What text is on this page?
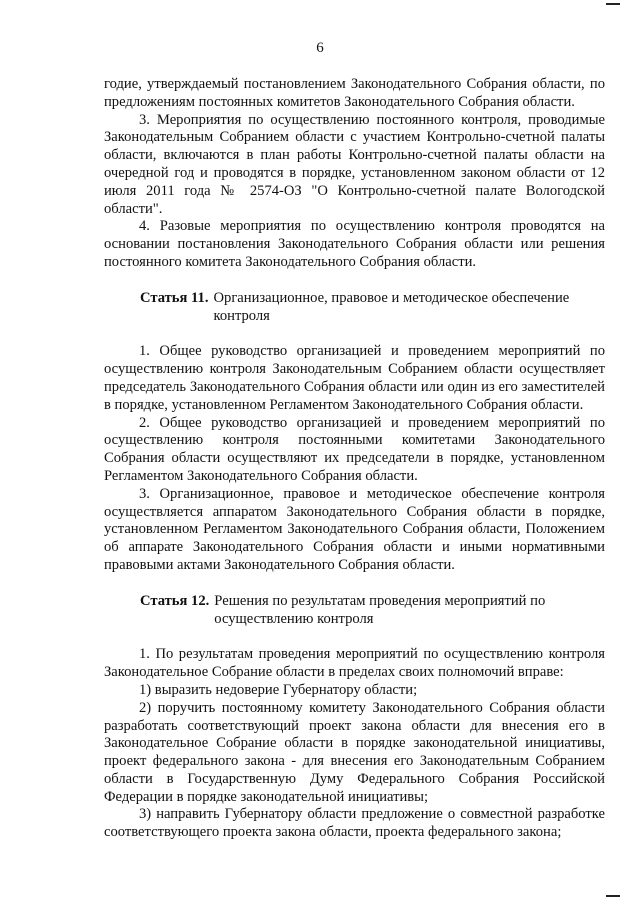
6

годие, утверждаемый постановлением Законодательного Собрания области, по предложениям постоянных комитетов Законодательного Собрания области.

3. Мероприятия по осуществлению постоянного контроля, проводимые Законодательным Собранием области с участием Контрольно-счетной палаты области, включаются в план работы Контрольно-счетной палаты области на очередной год и проводятся в порядке, установленном законом области от 12 июля 2011 года № 2574-ОЗ "О Контрольно-счетной палате Вологодской области".

4. Разовые мероприятия по осуществлению контроля проводятся на основании постановления Законодательного Собрания области или решения постоянного комитета Законодательного Собрания области.

Статья 11. Организационное, правовое и методическое обеспечение контроля

1. Общее руководство организацией и проведением мероприятий по осуществлению контроля Законодательным Собранием области осуществляет председатель Законодательного Собрания области или один из его заместителей в порядке, установленном Регламентом Законодательного Собрания области.

2. Общее руководство организацией и проведением мероприятий по осуществлению контроля постоянными комитетами Законодательного Собрания области осуществляют их председатели в порядке, установленном Регламентом Законодательного Собрания области.

3. Организационное, правовое и методическое обеспечение контроля осуществляется аппаратом Законодательного Собрания области в порядке, установленном Регламентом Законодательного Собрания области, Положением об аппарате Законодательного Собрания области и иными нормативными правовыми актами Законодательного Собрания области.

Статья 12. Решения по результатам проведения мероприятий по осуществлению контроля

1. По результатам проведения мероприятий по осуществлению контроля Законодательное Собрание области в пределах своих полномочий вправе:

1) выразить недоверие Губернатору области;

2) поручить постоянному комитету Законодательного Собрания области разработать соответствующий проект закона области для внесения его в Законодательное Собрание области в порядке законодательной инициативы, проект федерального закона - для внесения его Законодательным Собранием области в Государственную Думу Федерального Собрания Российской Федерации в порядке законодательной инициативы;

3) направить Губернатору области предложение о совместной разработке соответствующего проекта закона области, проекта федерального закона;
